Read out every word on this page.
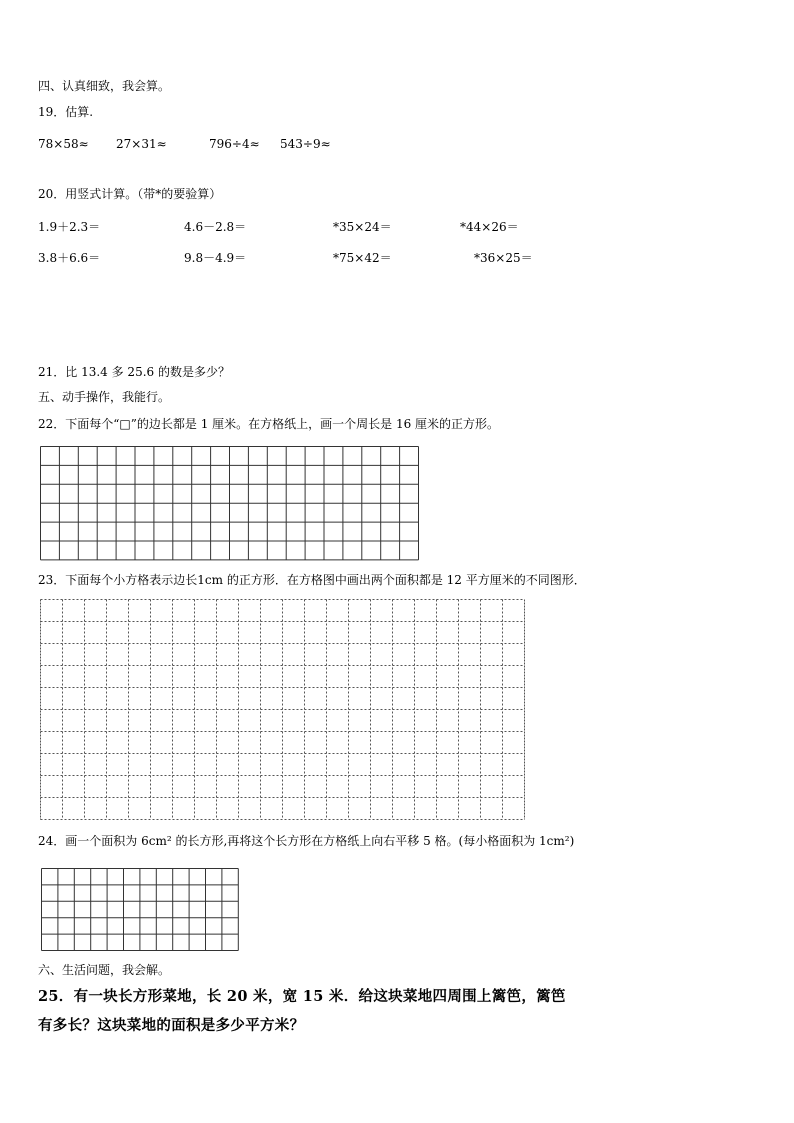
四、认真细致，我会算。
19．估算.
78×58≈ 27×31≈	796÷4≈ 543÷9≈
20．用竖式计算。（带*的要验算）
1.9＋2.3＝	4.6－2.8＝	*35×24＝	*44×26＝
3.8＋6.6＝	9.8－4.9＝	*75×42＝	*36×25＝
21．比 13.4 多 25.6 的数是多少？
五、动手操作，我能行。
22．下面每个“□”的边长都是 1 厘米。在方格纸上，画一个周长是 16 厘米的正方形。
23．下面每个小方格表示边长1cm 的正方形．在方格图中画出两个面积都是 12 平方厘米的不同图形．
24．画一个面积为 6cm² 的长方形,再将这个长方形在方格纸上向右平移 5 格。(每小格面积为 1cm²)
六、生活问题，我会解。
25．有一块长方形菜地，长 20 米，宽 15 米．给这块菜地四周围上篱笆，篱笆
有多长？这块菜地的面积是多少平方米？
